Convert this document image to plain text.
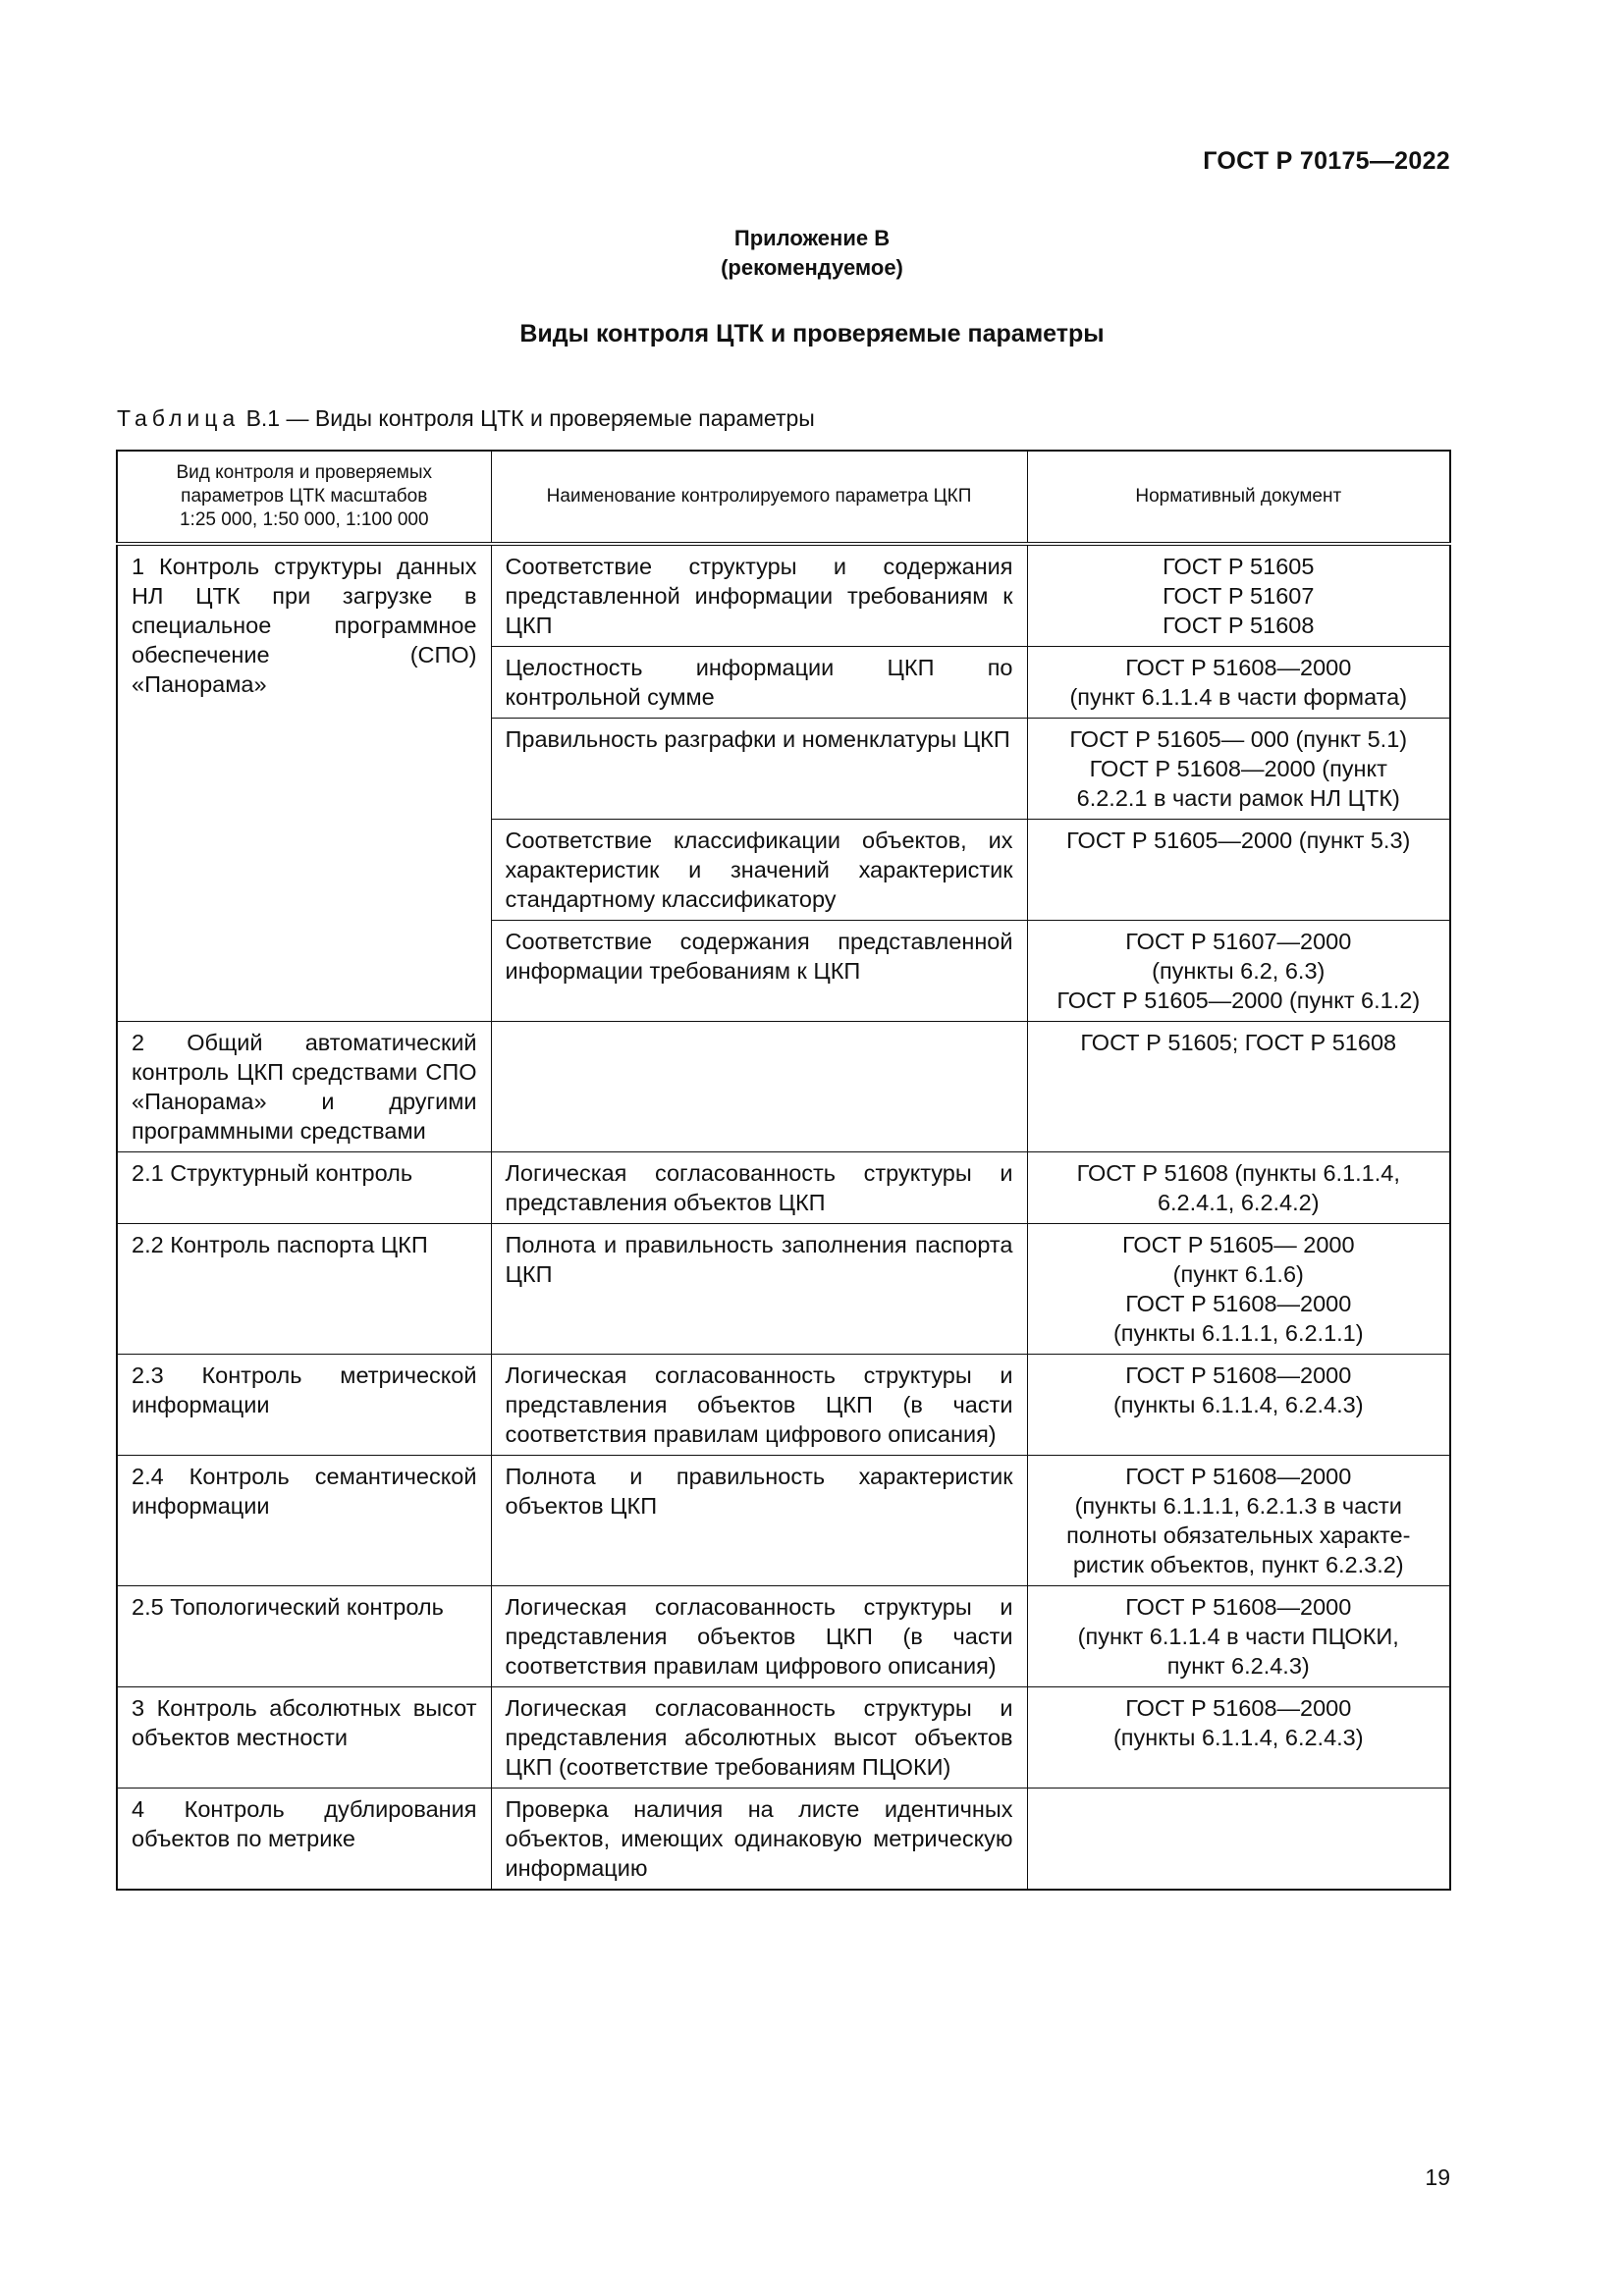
ГОСТ Р 70175—2022
Приложение В
(рекомендуемое)
Виды контроля ЦТК и проверяемые параметры
Таблица В.1 — Виды контроля ЦТК и проверяемые параметры
Вид контроля и проверяемых
параметров ЦТК масштабов
1:25 000, 1:50 000, 1:100 000	Наименование контролируемого параметра ЦКП	Нормативный документ

1 Контроль структуры данных НЛ ЦТК при загрузке в специальное программное обеспечение (СПО) «Панорама»	Соответствие структуры и содержания представленной информации требованиям к ЦКП	ГОСТ Р 51605
ГОСТ Р 51607
ГОСТ Р 51608

	Целостность информации ЦКП по контрольной сумме	ГОСТ Р 51608—2000
(пункт 6.1.1.4 в части формата)

	Правильность разграфки и номенклатуры ЦКП	ГОСТ Р 51605— 000 (пункт 5.1)
ГОСТ Р 51608—2000 (пункт
6.2.2.1 в части рамок НЛ ЦТК)

	Соответствие классификации объектов, их характеристик и значений характеристик стандартному классификатору	ГОСТ Р 51605—2000 (пункт 5.3)

	Соответствие содержания представленной информации требованиям к ЦКП	ГОСТ Р 51607—2000
(пункты 6.2, 6.3)
ГОСТ Р 51605—2000 (пункт 6.1.2)

2 Общий автоматический контроль ЦКП средствами СПО «Панорама» и другими программными средствами		ГОСТ Р 51605; ГОСТ Р 51608

2.1 Структурный контроль	Логическая согласованность структуры и представления объектов ЦКП	ГОСТ Р 51608 (пункты 6.1.1.4,
6.2.4.1, 6.2.4.2)

2.2 Контроль паспорта ЦКП	Полнота и правильность заполнения паспорта ЦКП	ГОСТ Р 51605— 2000
(пункт 6.1.6)
ГОСТ Р 51608—2000
(пункты 6.1.1.1, 6.2.1.1)

2.3 Контроль метрической информации	Логическая согласованность структуры и представления объектов ЦКП (в части соответствия правилам цифрового описания)	ГОСТ Р 51608—2000
(пункты 6.1.1.4, 6.2.4.3)

2.4 Контроль семантической информации	Полнота и правильность характеристик объектов ЦКП	ГОСТ Р 51608—2000
(пункты 6.1.1.1, 6.2.1.3 в части
полноты обязательных характе-
ристик объектов, пункт 6.2.3.2)

2.5 Топологический контроль	Логическая согласованность структуры и представления объектов ЦКП (в части соответствия правилам цифрового описания)	ГОСТ Р 51608—2000
(пункт 6.1.1.4 в части ПЦОКИ,
пункт 6.2.4.3)

3 Контроль абсолютных высот объектов местности	Логическая согласованность структуры и представления абсолютных высот объектов ЦКП (соответствие требованиям ПЦОКИ)	ГОСТ Р 51608—2000
(пункты 6.1.1.4, 6.2.4.3)

4 Контроль дублирования объектов по метрике	Проверка наличия на листе идентичных объектов, имеющих одинаковую метрическую информацию	
19
